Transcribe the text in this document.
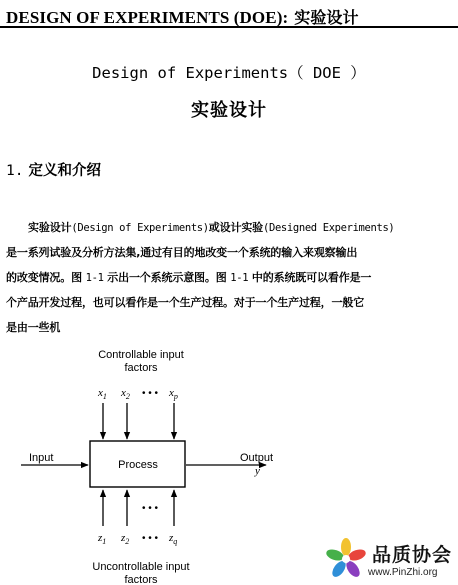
DESIGN OF EXPERIMENTS (DOE): 实验设计
Design of Experiments（ DOE ）
实验设计
1. 定义和介绍
实验设计(Design of Experiments)或设计实验(Designed Experiments)
是一系列试验及分析方法集,通过有目的地改变一个系统的输入来观察输出
的改变情况。图 1-1 示出一个系统示意图。图 1-1 中的系统既可以看作是一
个产品开发过程，也可以看作是一个生产过程。对于一个生产过程，一般它
是由一些机
Controllable input
factors
$x_1$ $x_2$ • • • $x_p$
Process
Input	Output
y
$z_1$ $z_2$
• • •
• • • $z_q$
Uncontrollable input
factors
品质协会
www.PinZhi.org
